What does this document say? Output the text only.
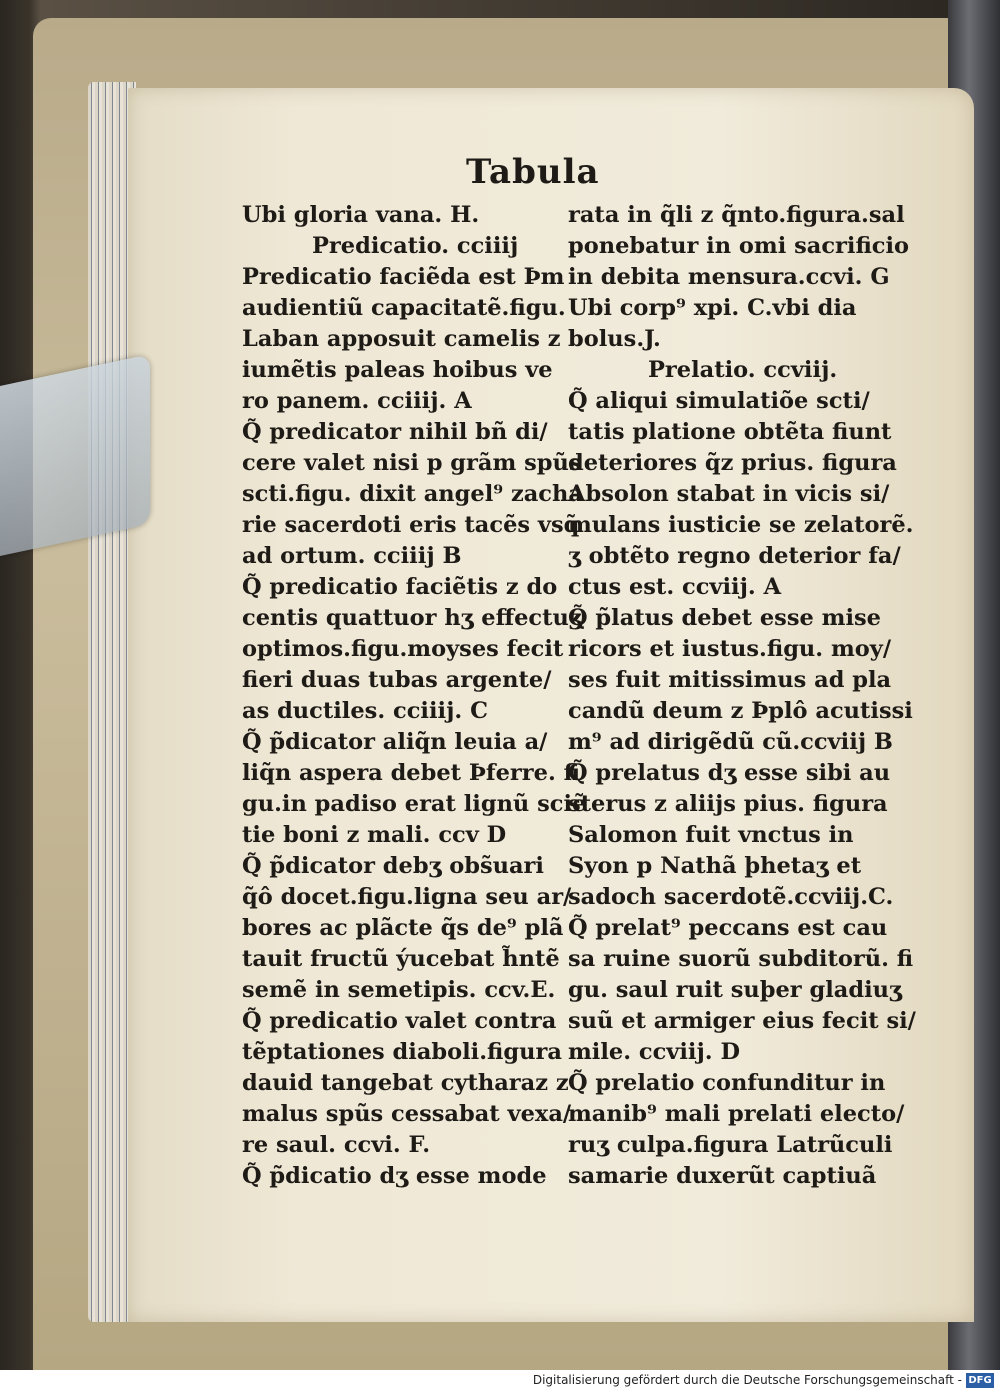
Tabula
Ubi gloria vana. H.
Predicatio. cciiĳ
Predicatio faciẽda est Þm
audientiũ capacitatẽ.figu.
Laban apposuit camelis z
iumẽtis paleas hoibus ve
ro panem. cciiĳ. A
Q̃ predicator nihil bñ di/
cere valet nisi p grãm spũs
scti.figu. dixit angel⁹ zacha
rie sacerdoti eris tacẽs vsq̃
ad ortum. cciiĳ B
Q̃ predicatio faciẽtis z do
centis quattuor hʒ effectuʒ
optimos.figu.moyses fecit
fieri duas tubas argente/
as ductiles. cciiĳ. C
Q̃ p̃dicator aliq̃n leuia a/
liq̃n aspera debet Þferre. fi
gu.in padiso erat lignũ sciẽ
tie boni z mali. ccv D
Q̃ p̃dicator debʒ obs̃uari
q̃ô docet.figu.ligna seu ar/
bores ac plãcte q̃s de⁹ plã
tauit fructũ ýucebat h̃ntẽ
semẽ in semetipis. ccv.E.
Q̃ predicatio valet contra
tẽptationes diaboli.figura
dauid tangebat cytharaz z
malus spũs cessabat vexa/
re saul. ccvi. F.
Q̃ p̃dicatio dʒ esse mode
rata in q̃li z q̃nto.figura.sal
ponebatur in omi sacrificio
in debita mensura.ccvi. G
Ubi corp⁹ xpi. C.vbi dia
bolus.J.
Prelatio. ccviĳ.
Q̃ aliqui simulatiõe scti/
tatis platione obtẽta fiunt
deteriores q̃z prius. figura
Absolon stabat in vicis si/
mulans iusticie se zelatorẽ.
ʒ obtẽto regno deterior fa/
ctus est. ccviĳ. A
Q̃ p̃latus debet esse mise
ricors et iustus.figu. moy/
ses fuit mitissimus ad pla
candũ deum z Þplô acutissi
m⁹ ad dirigẽdũ cũ.ccviĳ B
Q̃ prelatus dʒ esse sibi au
sterus z aliĳs pius. figura
Salomon fuit vnctus in
Syon p Nathã þhetaʒ et
sadoch sacerdotẽ.ccviĳ.C.
Q̃ prelat⁹ peccans est cau
sa ruine suorũ subditorũ. fi
gu. saul ruit suþer gladiuʒ
suũ et armiger eius fecit si/
mile. ccviĳ. D
Q̃ prelatio confunditur in
manib⁹ mali prelati electo/
ruʒ culpa.figura Latrũculi
samarie duxerũt captiuã
Digitalisierung gefördert durch die Deutsche Forschungsgemeinschaft - DFG
